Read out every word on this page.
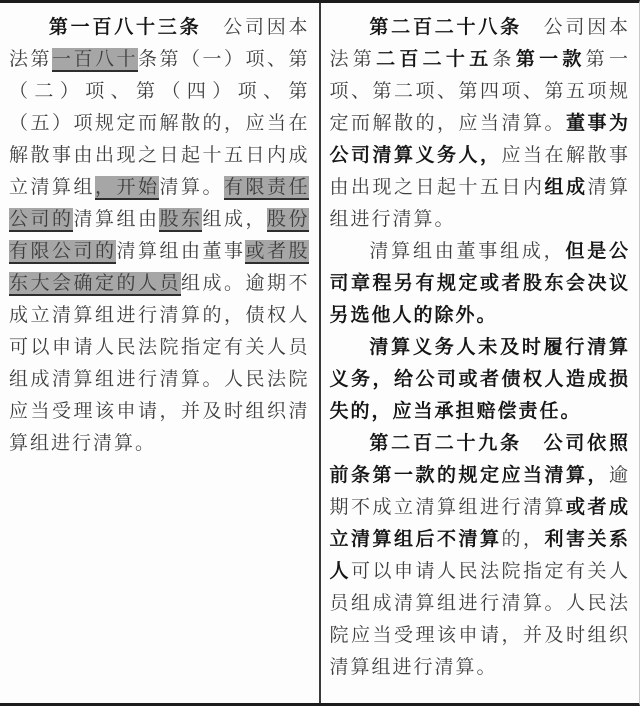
第一百八十三条　公司因本法第一百八十条第（一）项、第（二）项、第（四）项、第（五）项规定而解散的，应当在解散事由出现之日起十五日内成立清算组，开始清算。有限责任公司的清算组由股东组成，股份有限公司的清算组由董事或者股东大会确定的人员组成。逾期不成立清算组进行清算的，债权人可以申请人民法院指定有关人员组成清算组进行清算。人民法院应当受理该申请，并及时组织清算组进行清算。

第二百二十八条　公司因本法第二百二十五条第一款第一项、第二项、第四项、第五项规定而解散的，应当清算。董事为公司清算义务人，应当在解散事由出现之日起十五日内组成清算组进行清算。

清算组由董事组成，但是公司章程另有规定或者股东会决议另选他人的除外。

清算义务人未及时履行清算义务，给公司或者债权人造成损失的，应当承担赔偿责任。

第二百二十九条　 公司依照前条第一款的规定应当清算，逾期不成立清算组进行清算或者成立清算组后不清算的，利害关系人可以申请人民法院指定有关人员组成清算组进行清算。人民法院应当受理该申请，并及时组织清算组进行清算。
